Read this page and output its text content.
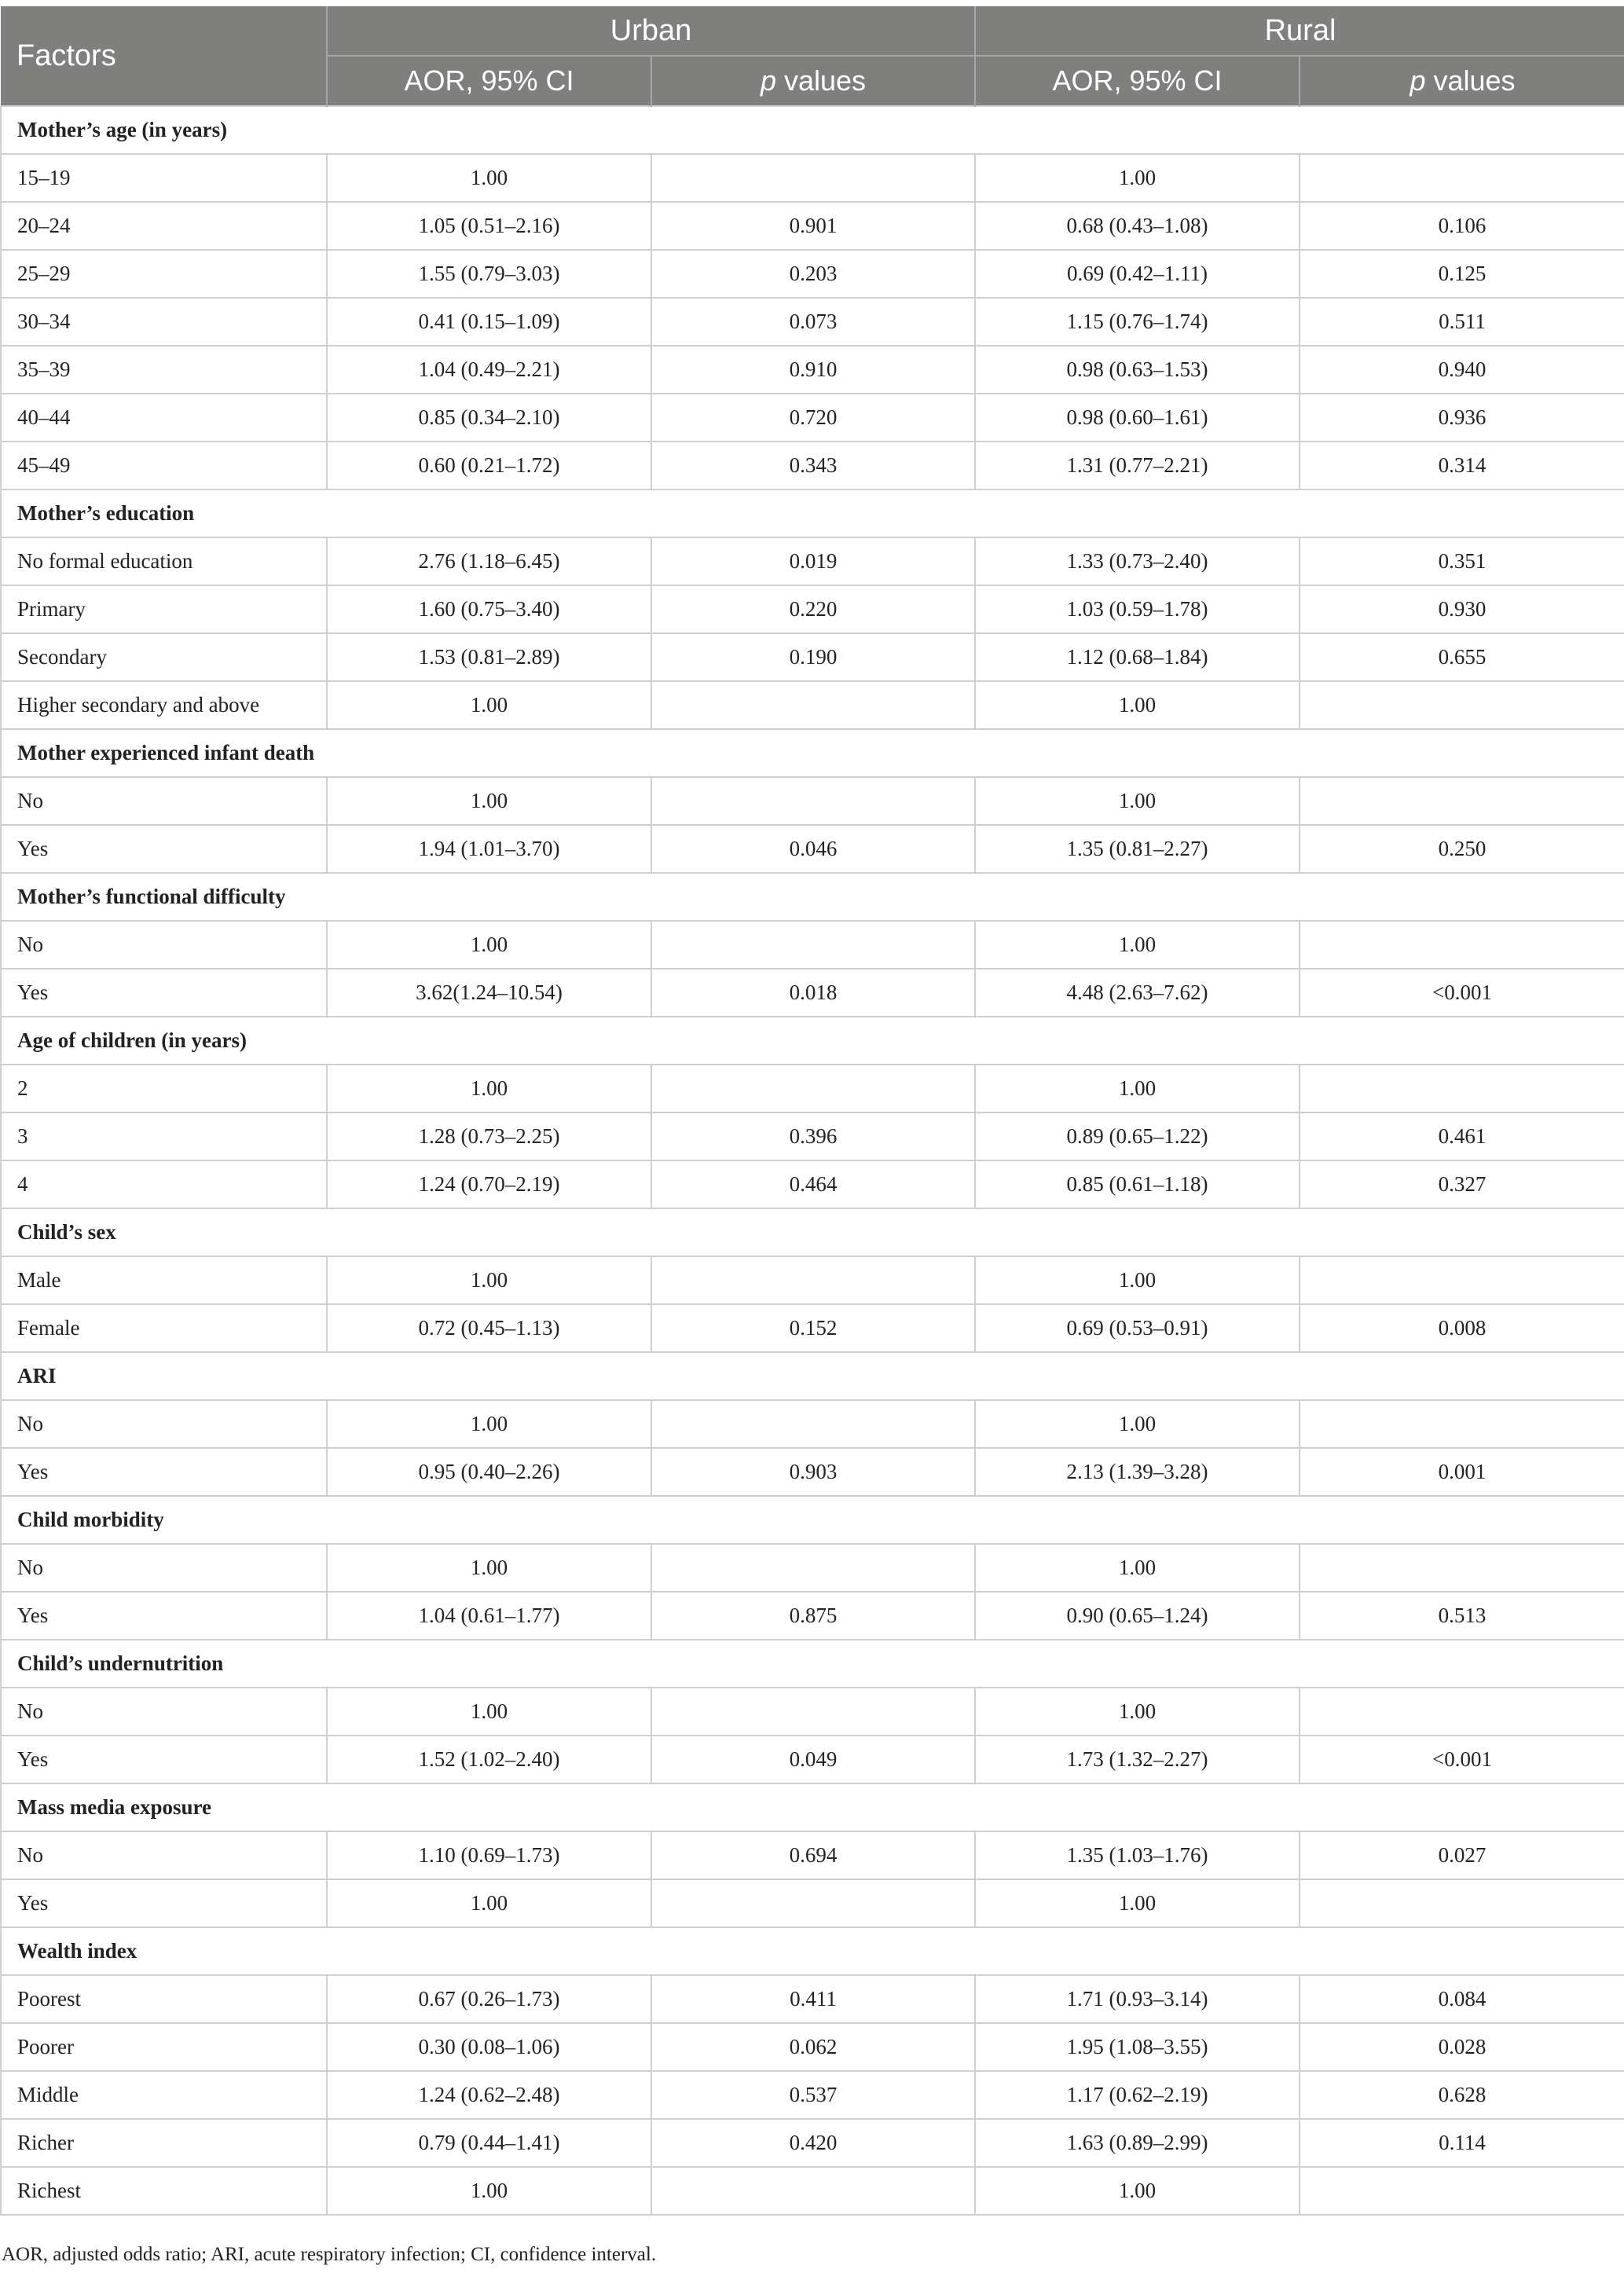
Factors	Urban		Rural	
	AOR, 95% CI	p values	AOR, 95% CI	p values
Mother’s age (in years)				
15–19	1.00		1.00	
20–24	1.05 (0.51–2.16)	0.901	0.68 (0.43–1.08)	0.106
25–29	1.55 (0.79–3.03)	0.203	0.69 (0.42–1.11)	0.125
30–34	0.41 (0.15–1.09)	0.073	1.15 (0.76–1.74)	0.511
35–39	1.04 (0.49–2.21)	0.910	0.98 (0.63–1.53)	0.940
40–44	0.85 (0.34–2.10)	0.720	0.98 (0.60–1.61)	0.936
45–49	0.60 (0.21–1.72)	0.343	1.31 (0.77–2.21)	0.314
Mother’s education				
No formal education	2.76 (1.18–6.45)	0.019	1.33 (0.73–2.40)	0.351
Primary	1.60 (0.75–3.40)	0.220	1.03 (0.59–1.78)	0.930
Secondary	1.53 (0.81–2.89)	0.190	1.12 (0.68–1.84)	0.655
Higher secondary and above	1.00		1.00	
Mother experienced infant death				
No	1.00		1.00	
Yes	1.94 (1.01–3.70)	0.046	1.35 (0.81–2.27)	0.250
Mother’s functional difficulty				
No	1.00		1.00	
Yes	3.62(1.24–10.54)	0.018	4.48 (2.63–7.62)	<0.001
Age of children (in years)				
2	1.00		1.00	
3	1.28 (0.73–2.25)	0.396	0.89 (0.65–1.22)	0.461
4	1.24 (0.70–2.19)	0.464	0.85 (0.61–1.18)	0.327
Child’s sex				
Male	1.00		1.00	
Female	0.72 (0.45–1.13)	0.152	0.69 (0.53–0.91)	0.008
ARI				
No	1.00		1.00	
Yes	0.95 (0.40–2.26)	0.903	2.13 (1.39–3.28)	0.001
Child morbidity				
No	1.00		1.00	
Yes	1.04 (0.61–1.77)	0.875	0.90 (0.65–1.24)	0.513
Child’s undernutrition				
No	1.00		1.00	
Yes	1.52 (1.02–2.40)	0.049	1.73 (1.32–2.27)	<0.001
Mass media exposure				
No	1.10 (0.69–1.73)	0.694	1.35 (1.03–1.76)	0.027
Yes	1.00		1.00	
Wealth index				
Poorest	0.67 (0.26–1.73)	0.411	1.71 (0.93–3.14)	0.084
Poorer	0.30 (0.08–1.06)	0.062	1.95 (1.08–3.55)	0.028
Middle	1.24 (0.62–2.48)	0.537	1.17 (0.62–2.19)	0.628
Richer	0.79 (0.44–1.41)	0.420	1.63 (0.89–2.99)	0.114
Richest	1.00		1.00	
AOR, adjusted odds ratio; ARI, acute respiratory infection; CI, confidence interval.
